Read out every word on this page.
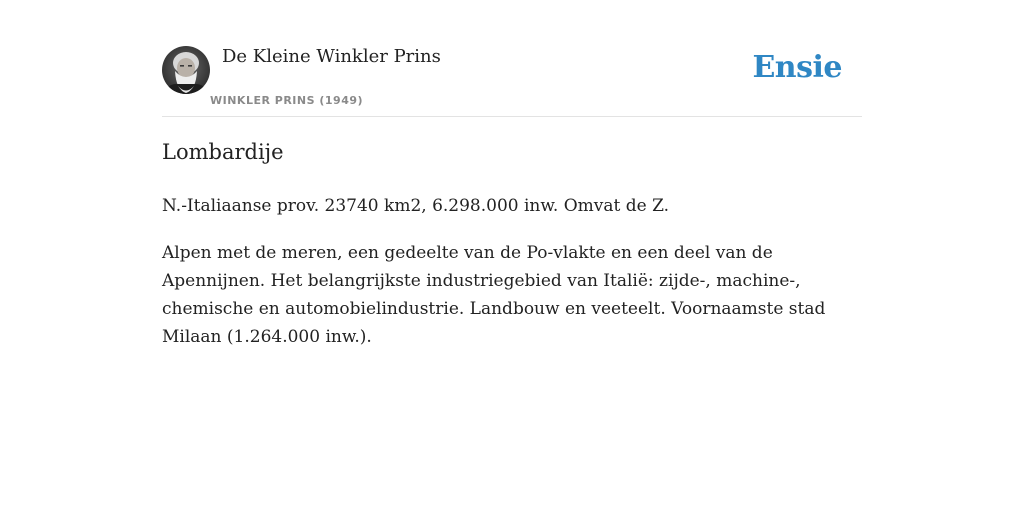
De Kleine Winkler Prins
WINKLER PRINS (1949)
Ensie
Lombardije

N.-Italiaanse prov. 23740 km2, 6.298.000 inw. Omvat de Z.

Alpen met de meren, een gedeelte van de Po-vlakte en een deel van de Apennijnen. Het belangrijkste industriegebied van Italië: zijde-, machine-, chemische en automobielindustrie. Landbouw en veeteelt. Voornaamste stad Milaan (1.264.000 inw.).
